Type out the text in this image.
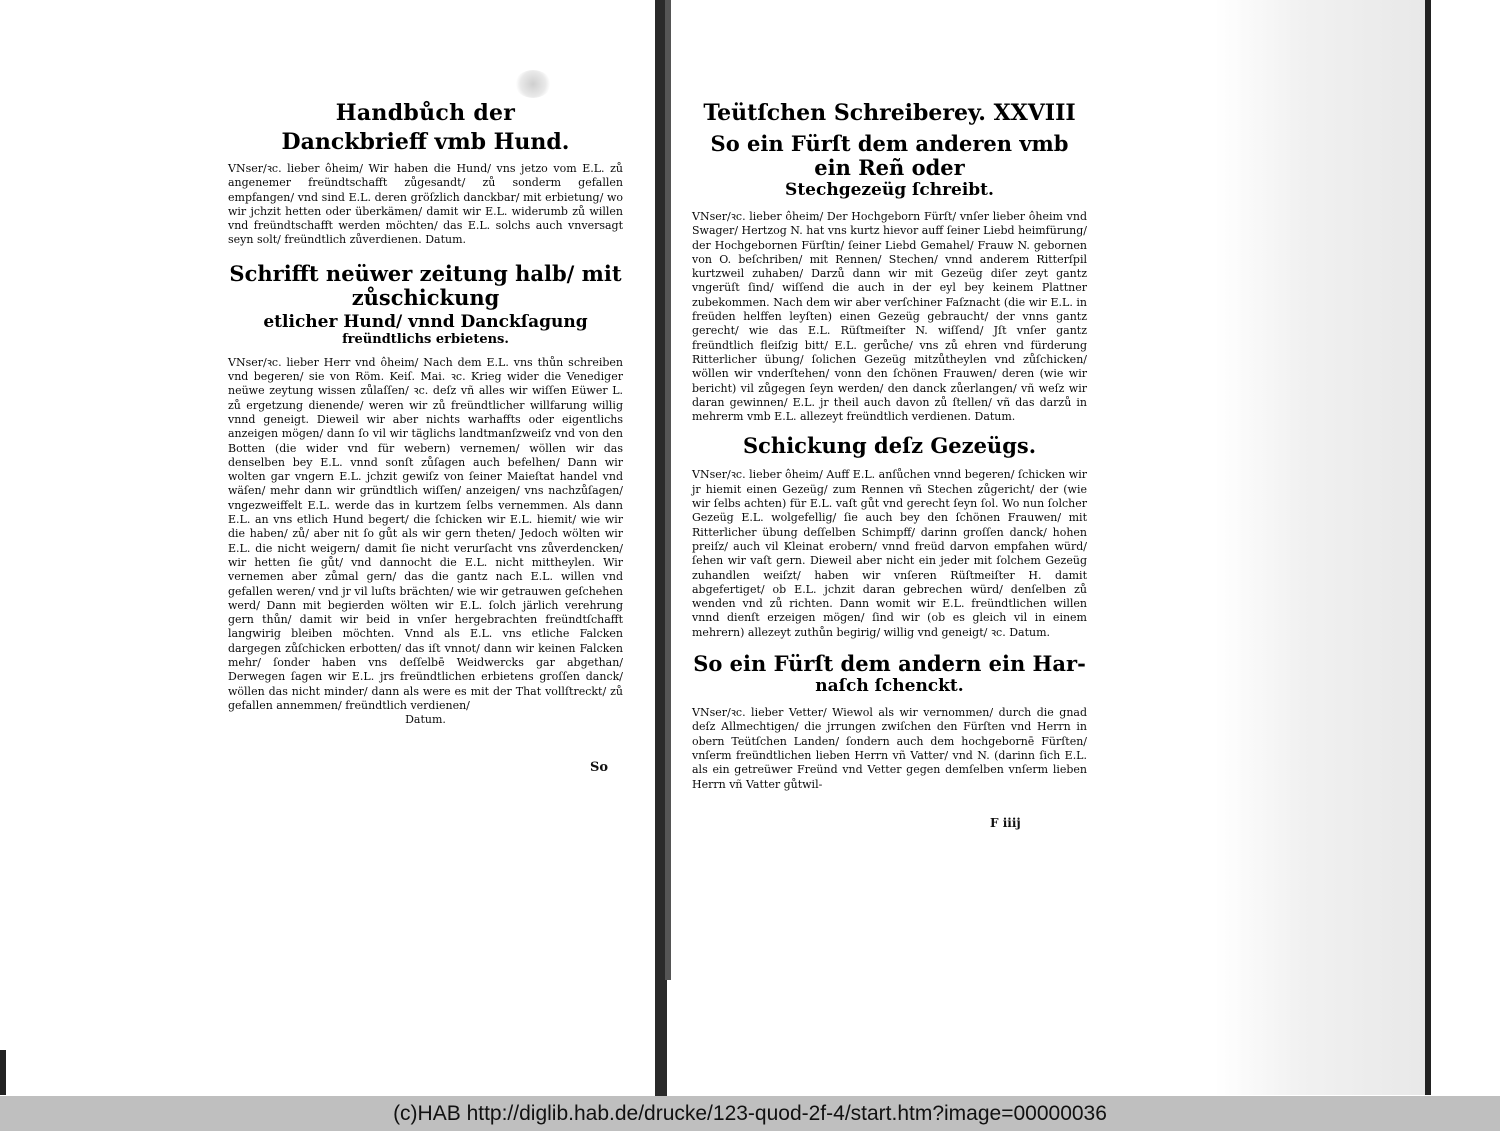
Handbůch der

Danckbrieff vmb Hund.

VNser/ꝛc. lieber ôheim/ Wir haben die Hund/ vns jetzo vom E.L. zů angenemer freündtschafft zůgesandt/ zů sonderm gefallen empfangen/ vnd sind E.L. deren gröſzlich danckbar/ mit erbietung/ wo wir jchzit hetten oder überkämen/ damit wir E.L. widerumb zů willen vnd freündtschafft werden möchten/ das E.L. solchs auch vnversagt seyn solt/ freündtlich zůverdienen. Datum.

Schrifft neüwer zeitung halb/ mit zůschickung

etlicher Hund/ vnnd Danckſagung

freündtlichs erbietens.

VNser/ꝛc. lieber Herr vnd ôheim/ Nach dem E.L. vns thůn schreiben vnd begeren/ sie von Röm. Keiſ. Mai. ꝛc. Krieg wider die Venediger neüwe zeytung wissen zůlaſſen/ ꝛc. deſz vñ alles wir wiſſen Eüwer L. zů ergetzung dienende/ weren wir zů freündtlicher willfarung willig vnnd geneigt. Dieweil wir aber nichts warhaffts oder eigentlichs anzeigen mögen/ dann ſo vil wir täglichs landtmanſzweiſz vnd von den Botten (die wider vnd für webern) vernemen/ wöllen wir das denselben bey E.L. vnnd sonſt zůſagen auch befelhen/ Dann wir wolten gar vngern E.L. jchzit gewiſz von ſeiner Maieſtat handel vnd wäſen/ mehr dann wir gründtlich wiſſen/ anzeigen/ vns nachzůſagen/ vngezweiffelt E.L. werde das in kurtzem ſelbs vernemmen. Als dann E.L. an vns etlich Hund begert/ die ſchicken wir E.L. hiemit/ wie wir die haben/ zů/ aber nit ſo gůt als wir gern theten/ Jedoch wölten wir E.L. die nicht weigern/ damit ſie nicht verurſacht vns zůverdencken/ wir hetten ſie gůt/ vnd dannocht die E.L. nicht mittheylen. Wir vernemen aber zůmal gern/ das die gantz nach E.L. willen vnd gefallen weren/ vnd jr vil luſts brächten/ wie wir getrauwen geſchehen werd/ Dann mit begierden wölten wir E.L. ſolch järlich verehrung gern thůn/ damit wir beid in vnſer hergebrachten freündtſchafft langwirig bleiben möchten. Vnnd als E.L. vns etliche Falcken dargegen zůſchicken erbotten/ das iſt vnnot/ dann wir keinen Falcken mehr/ ſonder haben vns deſſelbē Weidwercks gar abgethan/ Derwegen ſagen wir E.L. jrs freündtlichen erbietens groſſen danck/ wöllen das nicht minder/ dann als were es mit der That vollſtreckt/ zů gefallen annemmen/ freündtlich verdienen/

Datum.

So

Teütſchen Schreiberey. XXVIII

So ein Fürſt dem anderen vmb ein Reñ oder

Stechgezeüg ſchreibt.

VNser/ꝛc. lieber ôheim/ Der Hochgeborn Fürſt/ vnſer lieber ôheim vnd Swager/ Hertzog N. hat vns kurtz hievor auff ſeiner Liebd heimfürung/ der Hochgebornen Fürſtin/ ſeiner Liebd Gemahel/ Frauw N. gebornen von O. beſchriben/ mit Rennen/ Stechen/ vnnd anderem Ritterſpil kurtzweil zuhaben/ Darzů dann wir mit Gezeüg diſer zeyt gantz vngerüſt ſind/ wiſſend die auch in der eyl bey keinem Plattner zubekommen. Nach dem wir aber verſchiner Faſznacht (die wir E.L. in freüden helffen leyſten) einen Gezeüg gebraucht/ der vnns gantz gerecht/ wie das E.L. Rüſtmeiſter N. wiſſend/ Jſt vnſer gantz freündtlich fleiſzig bitt/ E.L. gerůche/ vns zů ehren vnd fürderung Ritterlicher übung/ ſolichen Gezeüg mitzůtheylen vnd zůſchicken/ wöllen wir vnderſtehen/ vonn den ſchönen Frauwen/ deren (wie wir bericht) vil zůgegen ſeyn werden/ den danck zůerlangen/ vñ weſz wir daran gewinnen/ E.L. jr theil auch davon zů ſtellen/ vñ das darzů in mehrerm vmb E.L. allezeyt freündtlich verdienen. Datum.

Schickung deſz Gezeügs.

VNser/ꝛc. lieber ôheim/ Auff E.L. anſůchen vnnd begeren/ ſchicken wir jr hiemit einen Gezeüg/ zum Rennen vñ Stechen zůgericht/ der (wie wir ſelbs achten) für E.L. vaſt gůt vnd gerecht ſeyn ſol. Wo nun ſolcher Gezeüg E.L. wolgefellig/ ſie auch bey den ſchönen Frauwen/ mit Ritterlicher übung deſſelben Schimpff/ darinn groſſen danck/ hohen preiſz/ auch vil Kleinat erobern/ vnnd freüd darvon empfahen würd/ ſehen wir vaſt gern. Dieweil aber nicht ein jeder mit ſolchem Gezeüg zuhandlen weiſzt/ haben wir vnſeren Rüſtmeiſter H. damit abgefertiget/ ob E.L. jchzit daran gebrechen würd/ denſelben zů wenden vnd zů richten. Dann womit wir E.L. freündtlichen willen vnnd dienſt erzeigen mögen/ ſind wir (ob es gleich vil in einem mehrern) allezeyt zuthůn begirig/ willig vnd geneigt/ ꝛc. Datum.

So ein Fürſt dem andern ein Har-

naſch ſchenckt.

VNser/ꝛc. lieber Vetter/ Wiewol als wir vernommen/ durch die gnad deſz Allmechtigen/ die jrrungen zwiſchen den Fürſten vnd Herrn in obern Teütſchen Landen/ ſondern auch dem hochgebornē Fürſten/ vnſerm freündtlichen lieben Herrn vñ Vatter/ vnd N. (darinn ſich E.L. als ein getreüwer Freünd vnd Vetter gegen demſelben vnſerm lieben Herrn vñ Vatter gůtwil-

F iiij
(c)HAB http://diglib.hab.de/drucke/123-quod-2f-4/start.htm?image=00000036
